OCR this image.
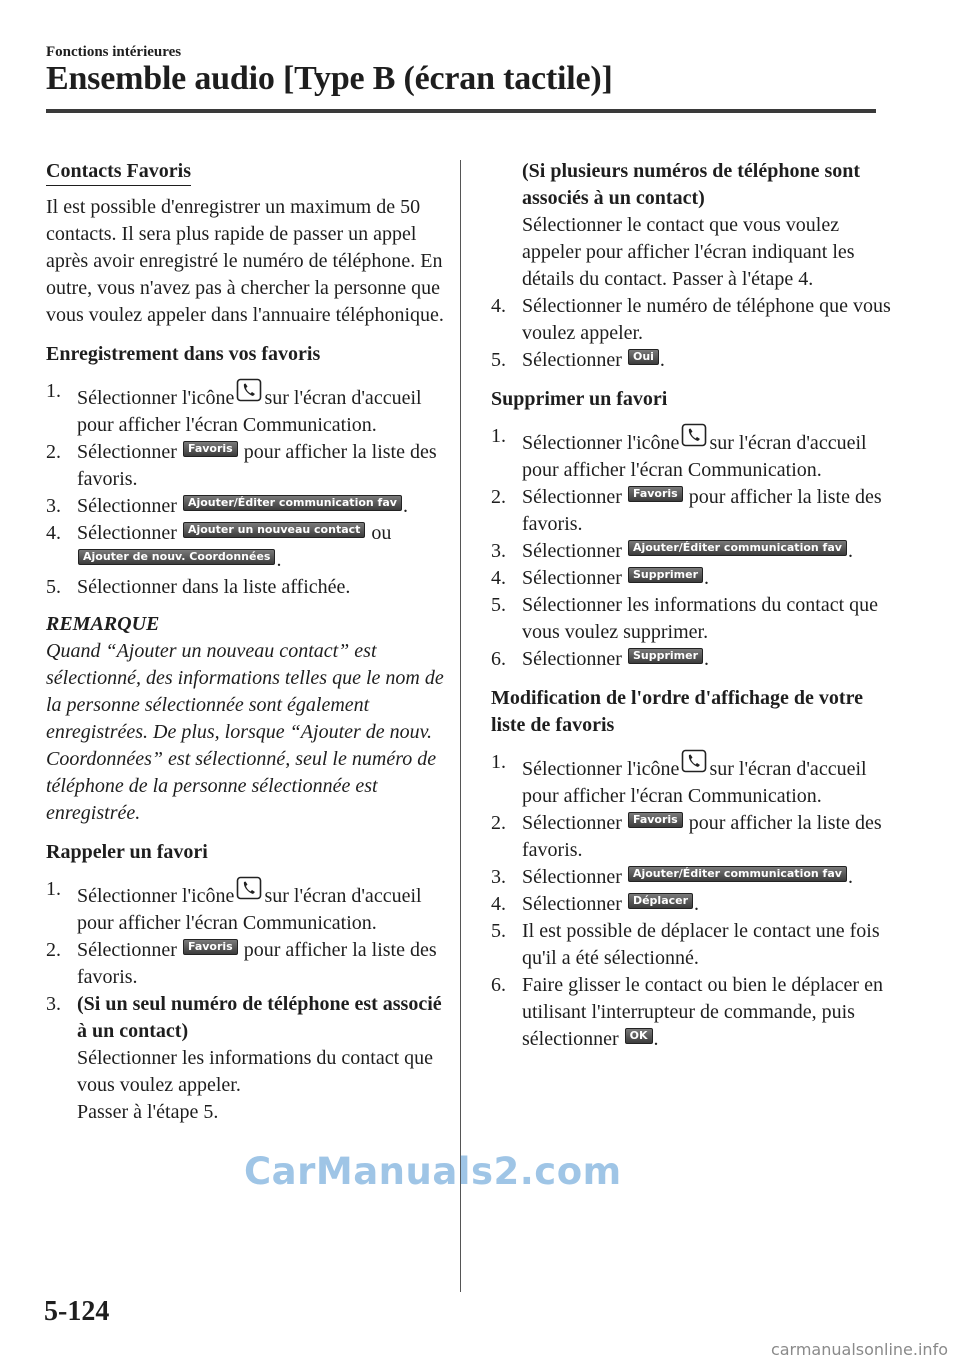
Fonctions intérieures
Ensemble audio [Type B (écran tactile)]

Contacts Favoris

Il est possible d'enregistrer un maximum de 50 contacts. Il sera plus rapide de passer un appel après avoir enregistré le numéro de téléphone. En outre, vous n'avez pas à chercher la personne que vous voulez appeler dans l'annuaire téléphonique.

Enregistrement dans vos favoris

1. Sélectionner l'icône sur l'écran d'accueil pour afficher l'écran Communication.
2. Sélectionner Favoris pour afficher la liste des favoris.
3. Sélectionner Ajouter/Éditer communication fav .
4. Sélectionner Ajouter un nouveau contact ou
Ajouter de nouv. Coordonnées .
5. Sélectionner dans la liste affichée.

REMARQUE

Quand “Ajouter un nouveau contact” est sélectionné, des informations telles que le nom de la personne sélectionnée sont également enregistrées. De plus, lorsque “Ajouter de nouv. Coordonnées” est sélectionné, seul le numéro de téléphone de la personne sélectionnée est enregistrée.

Rappeler un favori

1. Sélectionner l'icône sur l'écran d'accueil pour afficher l'écran Communication.
2. Sélectionner Favoris pour afficher la liste des favoris.
3. (Si un seul numéro de téléphone est associé à un contact)
Sélectionner les informations du contact que vous voulez appeler.
Passer à l'étape 5.
(Si plusieurs numéros de téléphone sont associés à un contact)
Sélectionner le contact que vous voulez appeler pour afficher l'écran indiquant les détails du contact. Passer à l'étape 4.
4. Sélectionner le numéro de téléphone que vous voulez appeler.
5. Sélectionner Oui .

Supprimer un favori

1. Sélectionner l'icône sur l'écran d'accueil pour afficher l'écran Communication.
2. Sélectionner Favoris pour afficher la liste des favoris.
3. Sélectionner Ajouter/Éditer communication fav .
4. Sélectionner Supprimer .
5. Sélectionner les informations du contact que vous voulez supprimer.
6. Sélectionner Supprimer .

Modification de l'ordre d'affichage de votre liste de favoris

1. Sélectionner l'icône sur l'écran d'accueil pour afficher l'écran Communication.
2. Sélectionner Favoris pour afficher la liste des favoris.
3. Sélectionner Ajouter/Éditer communication fav .
4. Sélectionner Déplacer .
5. Il est possible de déplacer le contact une fois qu'il a été sélectionné.
6. Faire glisser le contact ou bien le déplacer en utilisant l'interrupteur de commande, puis sélectionner OK .
5-124
CarManuals2.com
carmanualsonline.info
